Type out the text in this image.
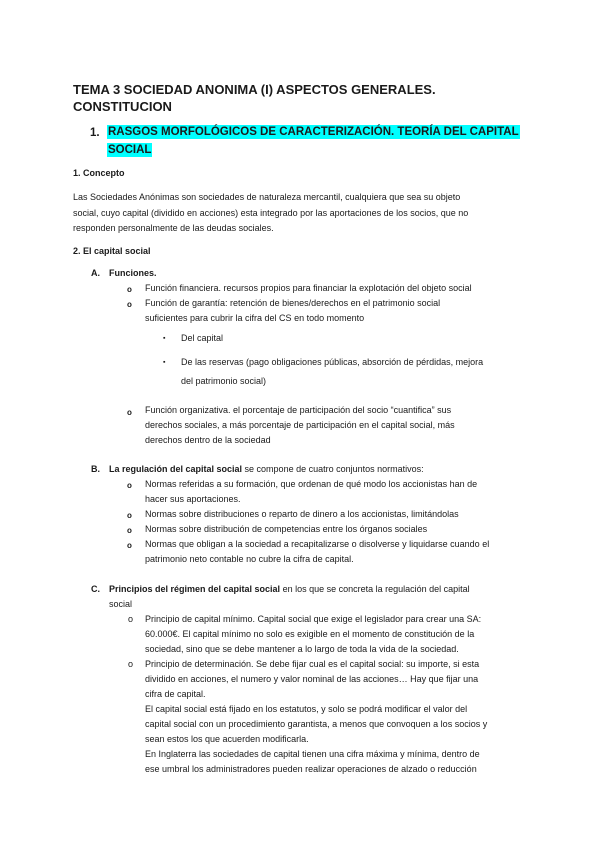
TEMA 3 SOCIEDAD ANONIMA (I) ASPECTOS GENERALES.
CONSTITUCION
1. RASGOS MORFOLÓGICOS DE CARACTERIZACIÓN. TEORÍA DEL CAPITAL
SOCIAL
1. Concepto
Las Sociedades Anónimas son sociedades de naturaleza mercantil, cualquiera que sea su objeto
social, cuyo capital (dividido en acciones) esta integrado por las aportaciones de los socios, que no
responden personalmente de las deudas sociales.
2. El capital social
A. Funciones.
o Función financiera. recursos propios para financiar la explotación del objeto social
o Función de garantía: retención de bienes/derechos en el patrimonio social
suficientes para cubrir la cifra del CS en todo momento
▪ Del capital
▪ De las reservas (pago obligaciones públicas, absorción de pérdidas, mejora
del patrimonio social)
o Función organizativa. el porcentaje de participación del socio “cuantifica” sus
derechos sociales, a más porcentaje de participación en el capital social, más
derechos dentro de la sociedad
B. La regulación del capital social se compone de cuatro conjuntos normativos:
o Normas referidas a su formación, que ordenan de qué modo los accionistas han de
hacer sus aportaciones.
o Normas sobre distribuciones o reparto de dinero a los accionistas, limitándolas
o Normas sobre distribución de competencias entre los órganos sociales
o Normas que obligan a la sociedad a recapitalizarse o disolverse y liquidarse cuando el
patrimonio neto contable no cubre la cifra de capital.
C. Principios del régimen del capital social en los que se concreta la regulación del capital
social
o Principio de capital mínimo. Capital social que exige el legislador para crear una SA:
60.000€. El capital mínimo no solo es exigible en el momento de constitución de la
sociedad, sino que se debe mantener a lo largo de toda la vida de la sociedad.
o Principio de determinación. Se debe fijar cual es el capital social: su importe, si esta
dividido en acciones, el numero y valor nominal de las acciones… Hay que fijar una
cifra de capital.
El capital social está fijado en los estatutos, y solo se podrá modificar el valor del
capital social con un procedimiento garantista, a menos que convoquen a los socios y
sean estos los que acuerden modificarla.
En Inglaterra las sociedades de capital tienen una cifra máxima y mínima, dentro de
ese umbral los administradores pueden realizar operaciones de alzado o reducción
